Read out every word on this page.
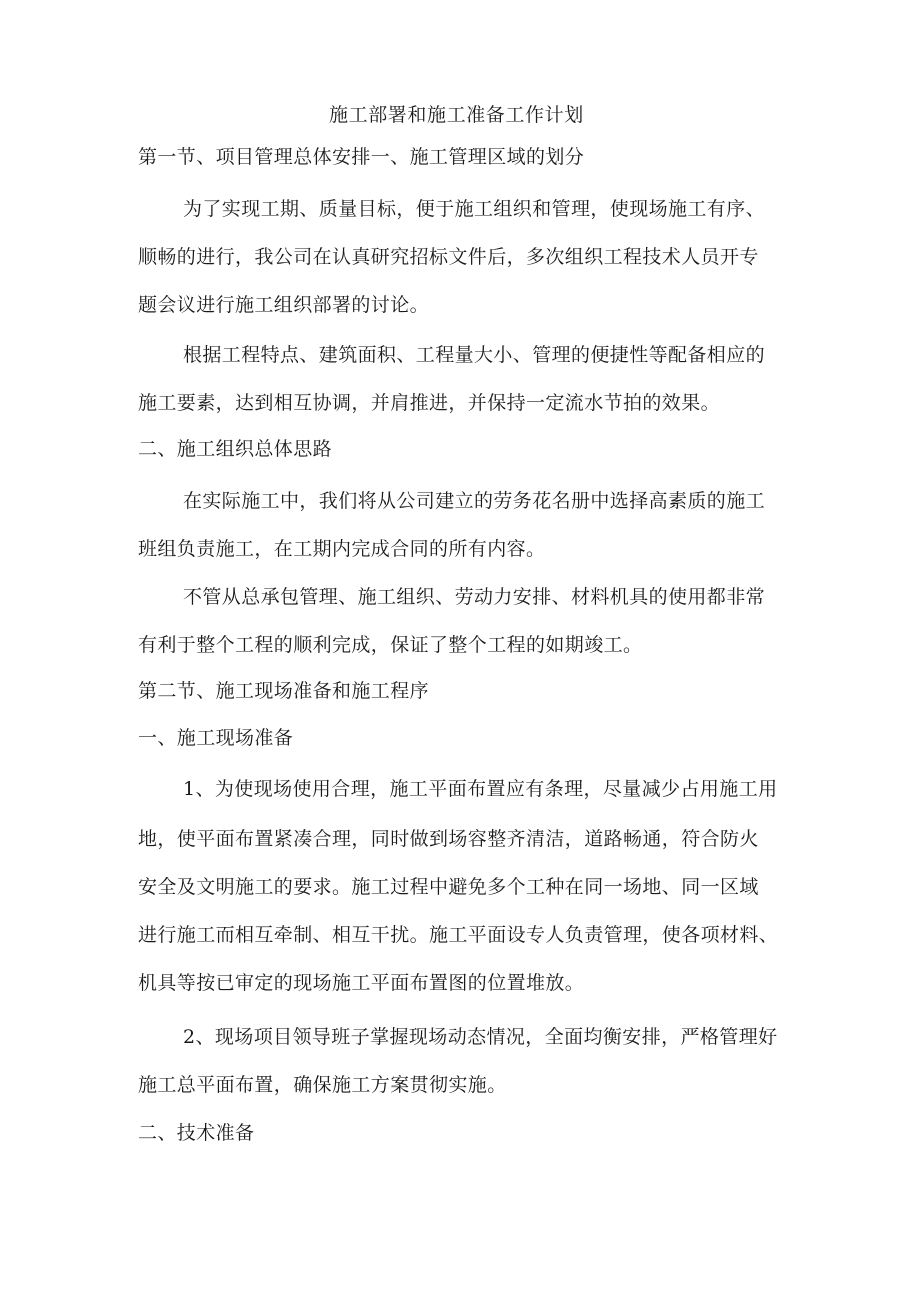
施工部署和施工准备工作计划
第一节、项目管理总体安排一、施工管理区域的划分
为了实现工期、质量目标，便于施工组织和管理，使现场施工有序、
顺畅的进行，我公司在认真研究招标文件后，多次组织工程技术人员开专
题会议进行施工组织部署的讨论。
根据工程特点、建筑面积、工程量大小、管理的便捷性等配备相应的
施工要素，达到相互协调，并肩推进，并保持一定流水节拍的效果。
二、施工组织总体思路
在实际施工中，我们将从公司建立的劳务花名册中选择高素质的施工
班组负责施工，在工期内完成合同的所有内容。
不管从总承包管理、施工组织、劳动力安排、材料机具的使用都非常
有利于整个工程的顺利完成，保证了整个工程的如期竣工。
第二节、施工现场准备和施工程序
一、施工现场准备
1、为使现场使用合理，施工平面布置应有条理，尽量减少占用施工用
地，使平面布置紧凑合理，同时做到场容整齐清洁，道路畅通，符合防火
安全及文明施工的要求。施工过程中避免多个工种在同一场地、同一区域
进行施工而相互牵制、相互干扰。施工平面设专人负责管理，使各项材料、
机具等按已审定的现场施工平面布置图的位置堆放。
2、现场项目领导班子掌握现场动态情况，全面均衡安排，严格管理好
施工总平面布置，确保施工方案贯彻实施。
二、技术准备
